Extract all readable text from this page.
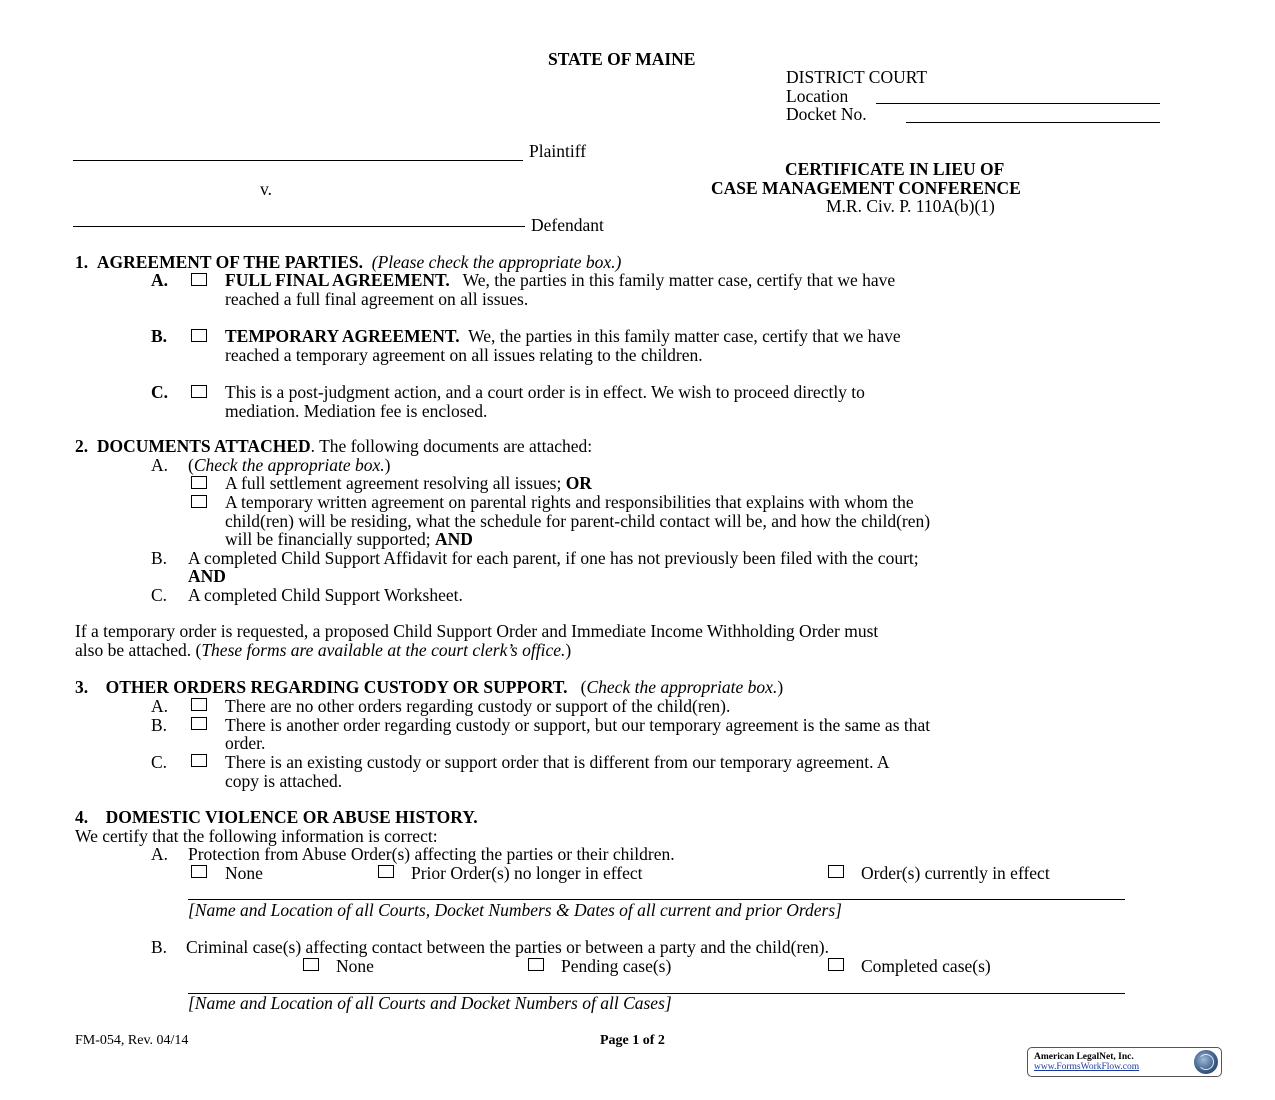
STATE OF MAINE
DISTRICT COURT
Location
Docket No.
Plaintiff
v.
Defendant
CERTIFICATE IN LIEU OF
CASE MANAGEMENT CONFERENCE
M.R. Civ. P. 110A(b)(1)
1. AGREEMENT OF THE PARTIES. (Please check the appropriate box.)
A.	FULL FINAL AGREEMENT. We, the parties in this family matter case, certify that we have
reached a full final agreement on all issues.
B.	TEMPORARY AGREEMENT. We, the parties in this family matter case, certify that we have
reached a temporary agreement on all issues relating to the children.
C.	This is a post-judgment action, and a court order is in effect. We wish to proceed directly to
mediation. Mediation fee is enclosed.
2. DOCUMENTS ATTACHED. The following documents are attached:
A. (Check the appropriate box.)
A full settlement agreement resolving all issues; OR
A temporary written agreement on parental rights and responsibilities that explains with whom the
child(ren) will be residing, what the schedule for parent-child contact will be, and how the child(ren)
will be financially supported; AND
B. A completed Child Support Affidavit for each parent, if one has not previously been filed with the court;
AND
C. A completed Child Support Worksheet.
If a temporary order is requested, a proposed Child Support Order and Immediate Income Withholding Order must
also be attached. (These forms are available at the court clerk’s office.)
3. OTHER ORDERS REGARDING CUSTODY OR SUPPORT. (Check the appropriate box.)
A.	There are no other orders regarding custody or support of the child(ren).
B.	There is another order regarding custody or support, but our temporary agreement is the same as that
order.
C.	There is an existing custody or support order that is different from our temporary agreement. A
copy is attached.
4. DOMESTIC VIOLENCE OR ABUSE HISTORY.
We certify that the following information is correct:
A. Protection from Abuse Order(s) affecting the parties or their children.
None	Prior Order(s) no longer in effect	Order(s) currently in effect
[Name and Location of all Courts, Docket Numbers & Dates of all current and prior Orders]
B. Criminal case(s) affecting contact between the parties or between a party and the child(ren).
None	Pending case(s)	Completed case(s)
[Name and Location of all Courts and Docket Numbers of all Cases]
FM-054, Rev. 04/14	Page 1 of 2
American LegalNet, Inc.
www.FormsWorkFlow.com
